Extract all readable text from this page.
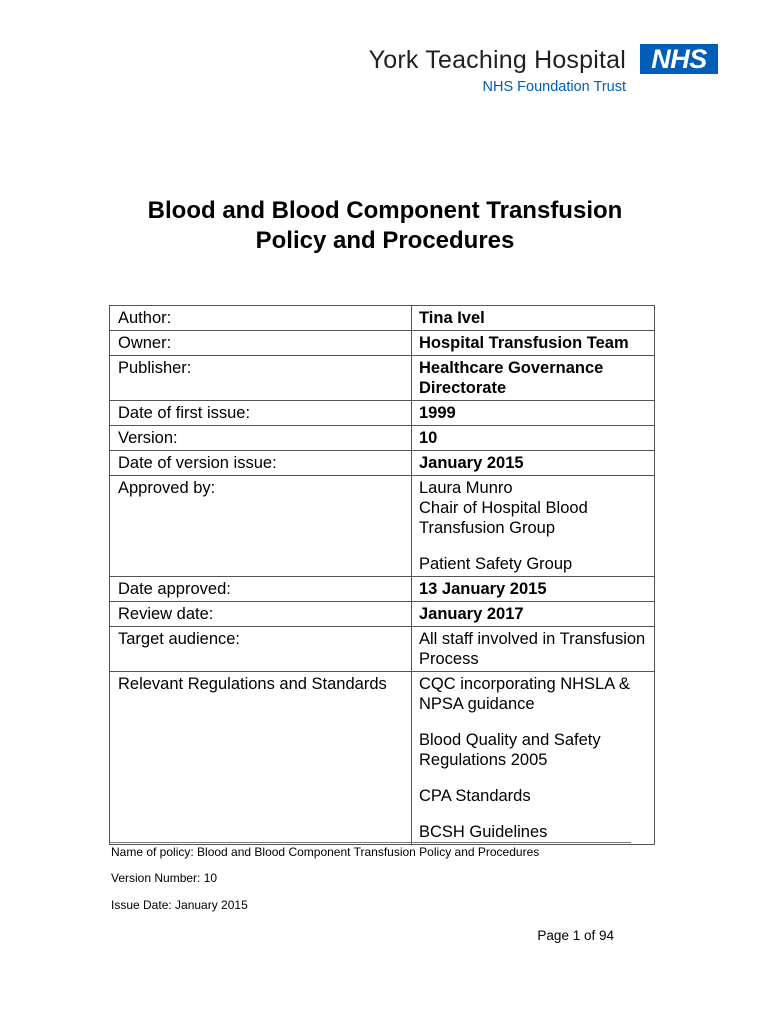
York Teaching Hospital
NHS Foundation Trust
NHS
Blood and Blood Component Transfusion
Policy and Procedures
Author:	Tina Ivel
Owner:	Hospital Transfusion Team
Publisher:	Healthcare Governance Directorate
Date of first issue:	1999
Version:	10
Date of version issue:	January 2015
Approved by:	Laura Munro
Chair of Hospital Blood Transfusion Group
Patient Safety Group

Date approved:	13 January 2015
Review date:	January 2017
Target audience:	All staff involved in Transfusion Process
Relevant Regulations and Standards	CQC incorporating NHSLA & NPSA guidance
Blood Quality and Safety Regulations 2005
CPA Standards
BCSH Guidelines
Name of policy: Blood and Blood Component Transfusion Policy and Procedures
Version Number: 10
Issue Date: January 2015
Page 1 of 94
